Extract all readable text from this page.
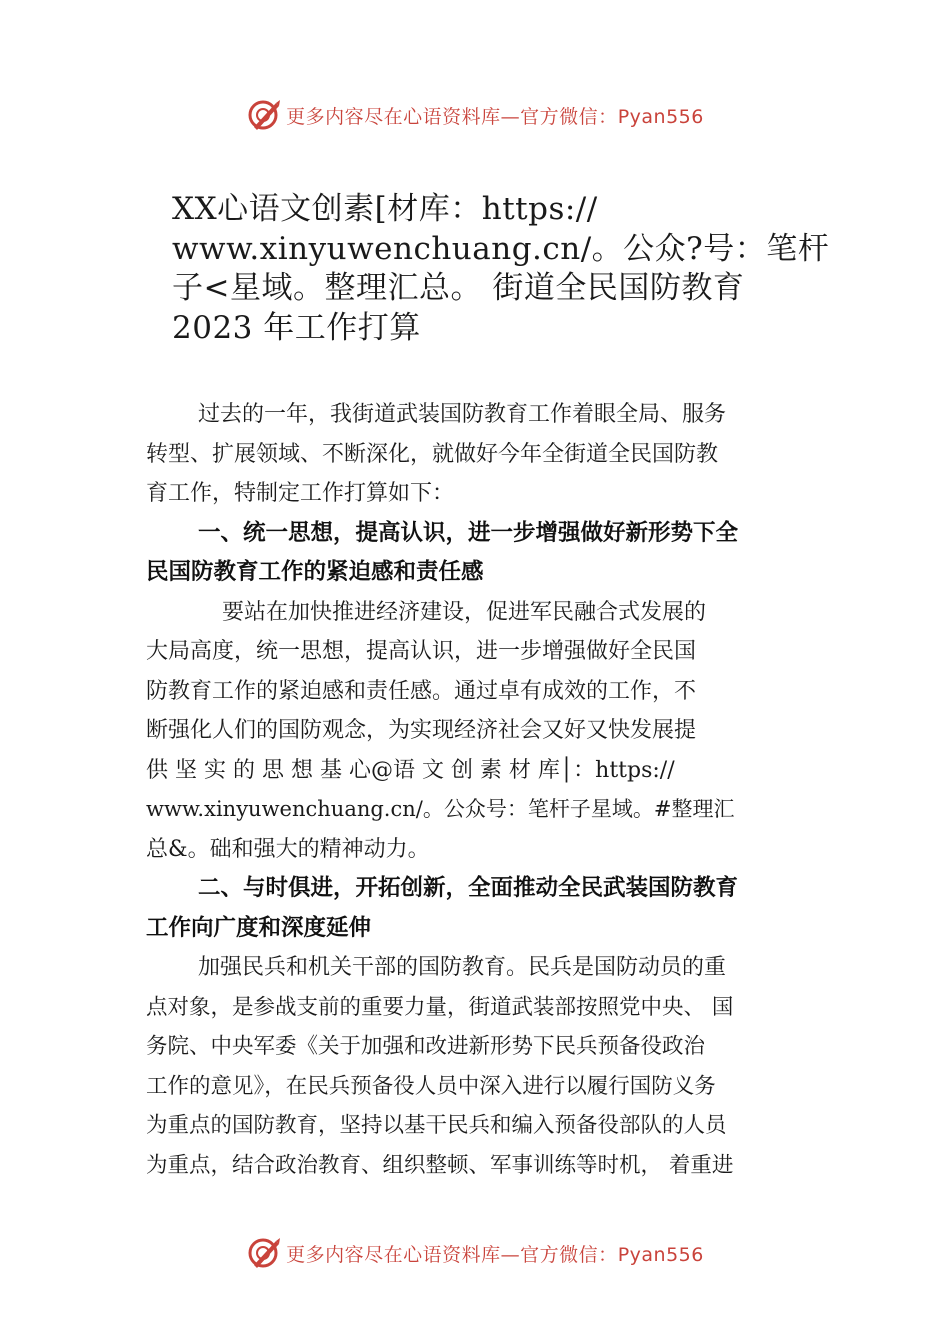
更多内容尽在心语资料库—官方微信：Pyan556
XX心语文创素[材库：https://
www.xinyuwenchuang.cn/。公众?号：笔杆
子<星域。整理汇总。 街道全民国防教育
2023 年工作打算
过去的一年，我街道武装国防教育工作着眼全局、服务
转型、扩展领域、不断深化，就做好今年全街道全民国防教
育工作，特制定工作打算如下：
一、统一思想，提高认识，进一步增强做好新形势下全
民国防教育工作的紧迫感和责任感
要站在加快推进经济建设，促进军民融合式发展的
大局高度，统一思想，提高认识，进一步增强做好全民国
防教育工作的紧迫感和责任感。通过卓有成效的工作，不
断强化人们的国防观念，为实现经济社会又好又快发展提
供 坚 实 的 思 想 基 心@语 文 创 素 材 库│：https://
www.xinyuwenchuang.cn/。公众号：笔杆子星域。#整理汇
总&。础和强大的精神动力。
二、与时俱进，开拓创新，全面推动全民武装国防教育
工作向广度和深度延伸
加强民兵和机关干部的国防教育。民兵是国防动员的重
点对象，是参战支前的重要力量，街道武装部按照党中央、 国
务院、中央军委《关于加强和改进新形势下民兵预备役政治
工作的意见》，在民兵预备役人员中深入进行以履行国防义务
为重点的国防教育，坚持以基干民兵和编入预备役部队的人员
为重点，结合政治教育、组织整顿、军事训练等时机， 着重进
更多内容尽在心语资料库—官方微信：Pyan556
